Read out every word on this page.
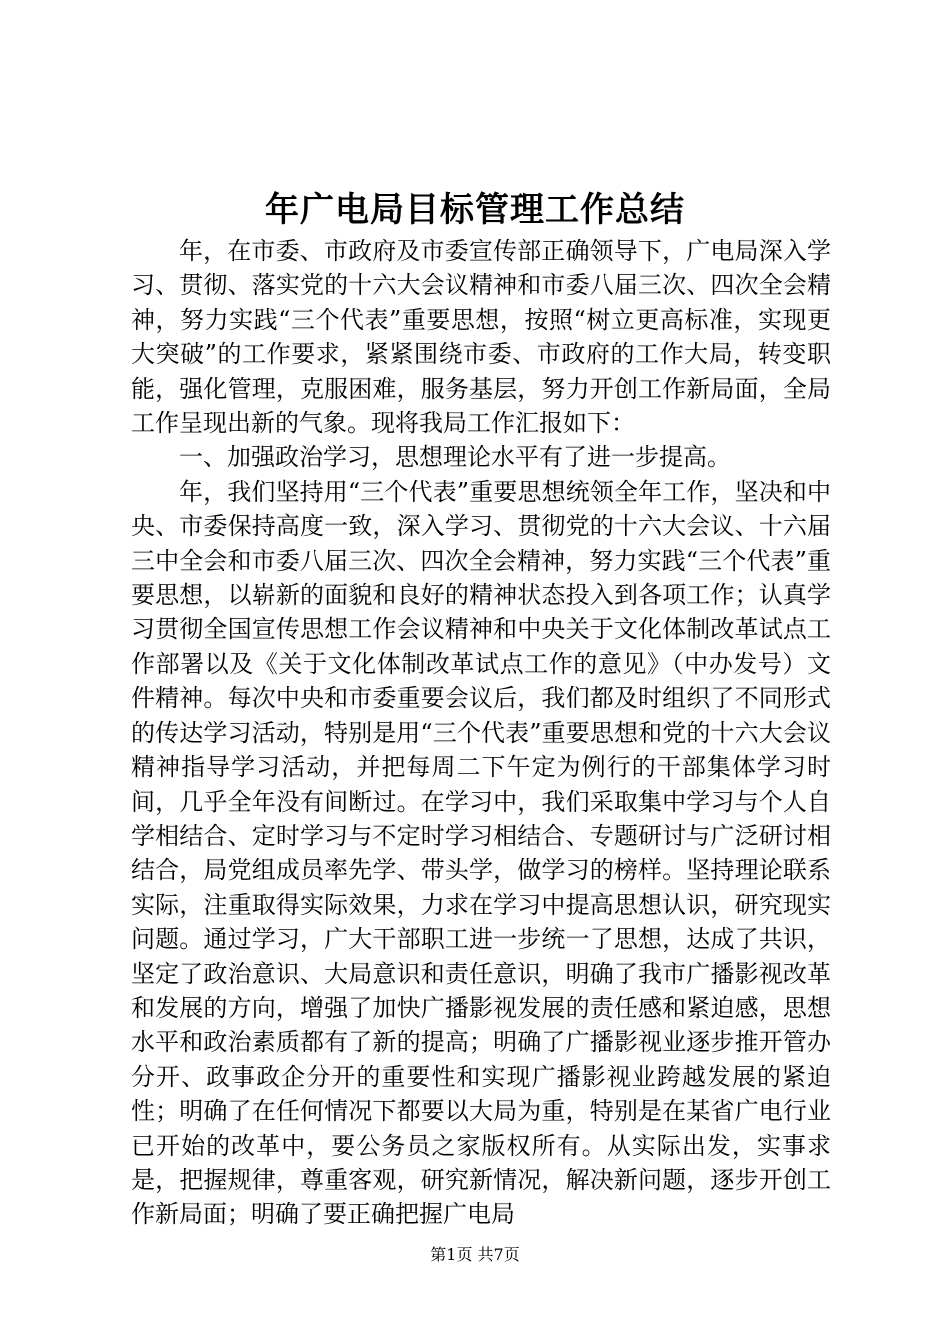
年广电局目标管理工作总结

年，在市委、市政府及市委宣传部正确领导下，广电局深入学习、贯彻、落实党的十六大会议精神和市委八届三次、四次全会精神，努力实践“三个代表”重要思想，按照“树立更高标准，实现更大突破”的工作要求，紧紧围绕市委、市政府的工作大局，转变职能，强化管理，克服困难，服务基层，努力开创工作新局面，全局工作呈现出新的气象。现将我局工作汇报如下：

一、加强政治学习，思想理论水平有了进一步提高。

年，我们坚持用“三个代表”重要思想统领全年工作，坚决和中央、市委保持高度一致，深入学习、贯彻党的十六大会议、十六届三中全会和市委八届三次、四次全会精神，努力实践“三个代表”重要思想，以崭新的面貌和良好的精神状态投入到各项工作；认真学习贯彻全国宣传思想工作会议精神和中央关于文化体制改革试点工作部署以及《关于文化体制改革试点工作的意见》（中办发号）文件精神。每次中央和市委重要会议后，我们都及时组织了不同形式的传达学习活动，特别是用“三个代表”重要思想和党的十六大会议精神指导学习活动，并把每周二下午定为例行的干部集体学习时间，几乎全年没有间断过。在学习中，我们采取集中学习与个人自学相结合、定时学习与不定时学习相结合、专题研讨与广泛研讨相结合，局党组成员率先学、带头学，做学习的榜样。坚持理论联系实际，注重取得实际效果，力求在学习中提高思想认识，研究现实问题。通过学习，广大干部职工进一步统一了思想，达成了共识，坚定了政治意识、大局意识和责任意识，明确了我市广播影视改革和发展的方向，增强了加快广播影视发展的责任感和紧迫感，思想水平和政治素质都有了新的提高；明确了广播影视业逐步推开管办分开、政事政企分开的重要性和实现广播影视业跨越发展的紧迫性；明确了在任何情况下都要以大局为重，特别是在某省广电行业已开始的改革中，要公务员之家版权所有。从实际出发，实事求是，把握规律，尊重客观，研究新情况，解决新问题，逐步开创工作新局面；明确了要正确把握广电局

第1页 共7页
